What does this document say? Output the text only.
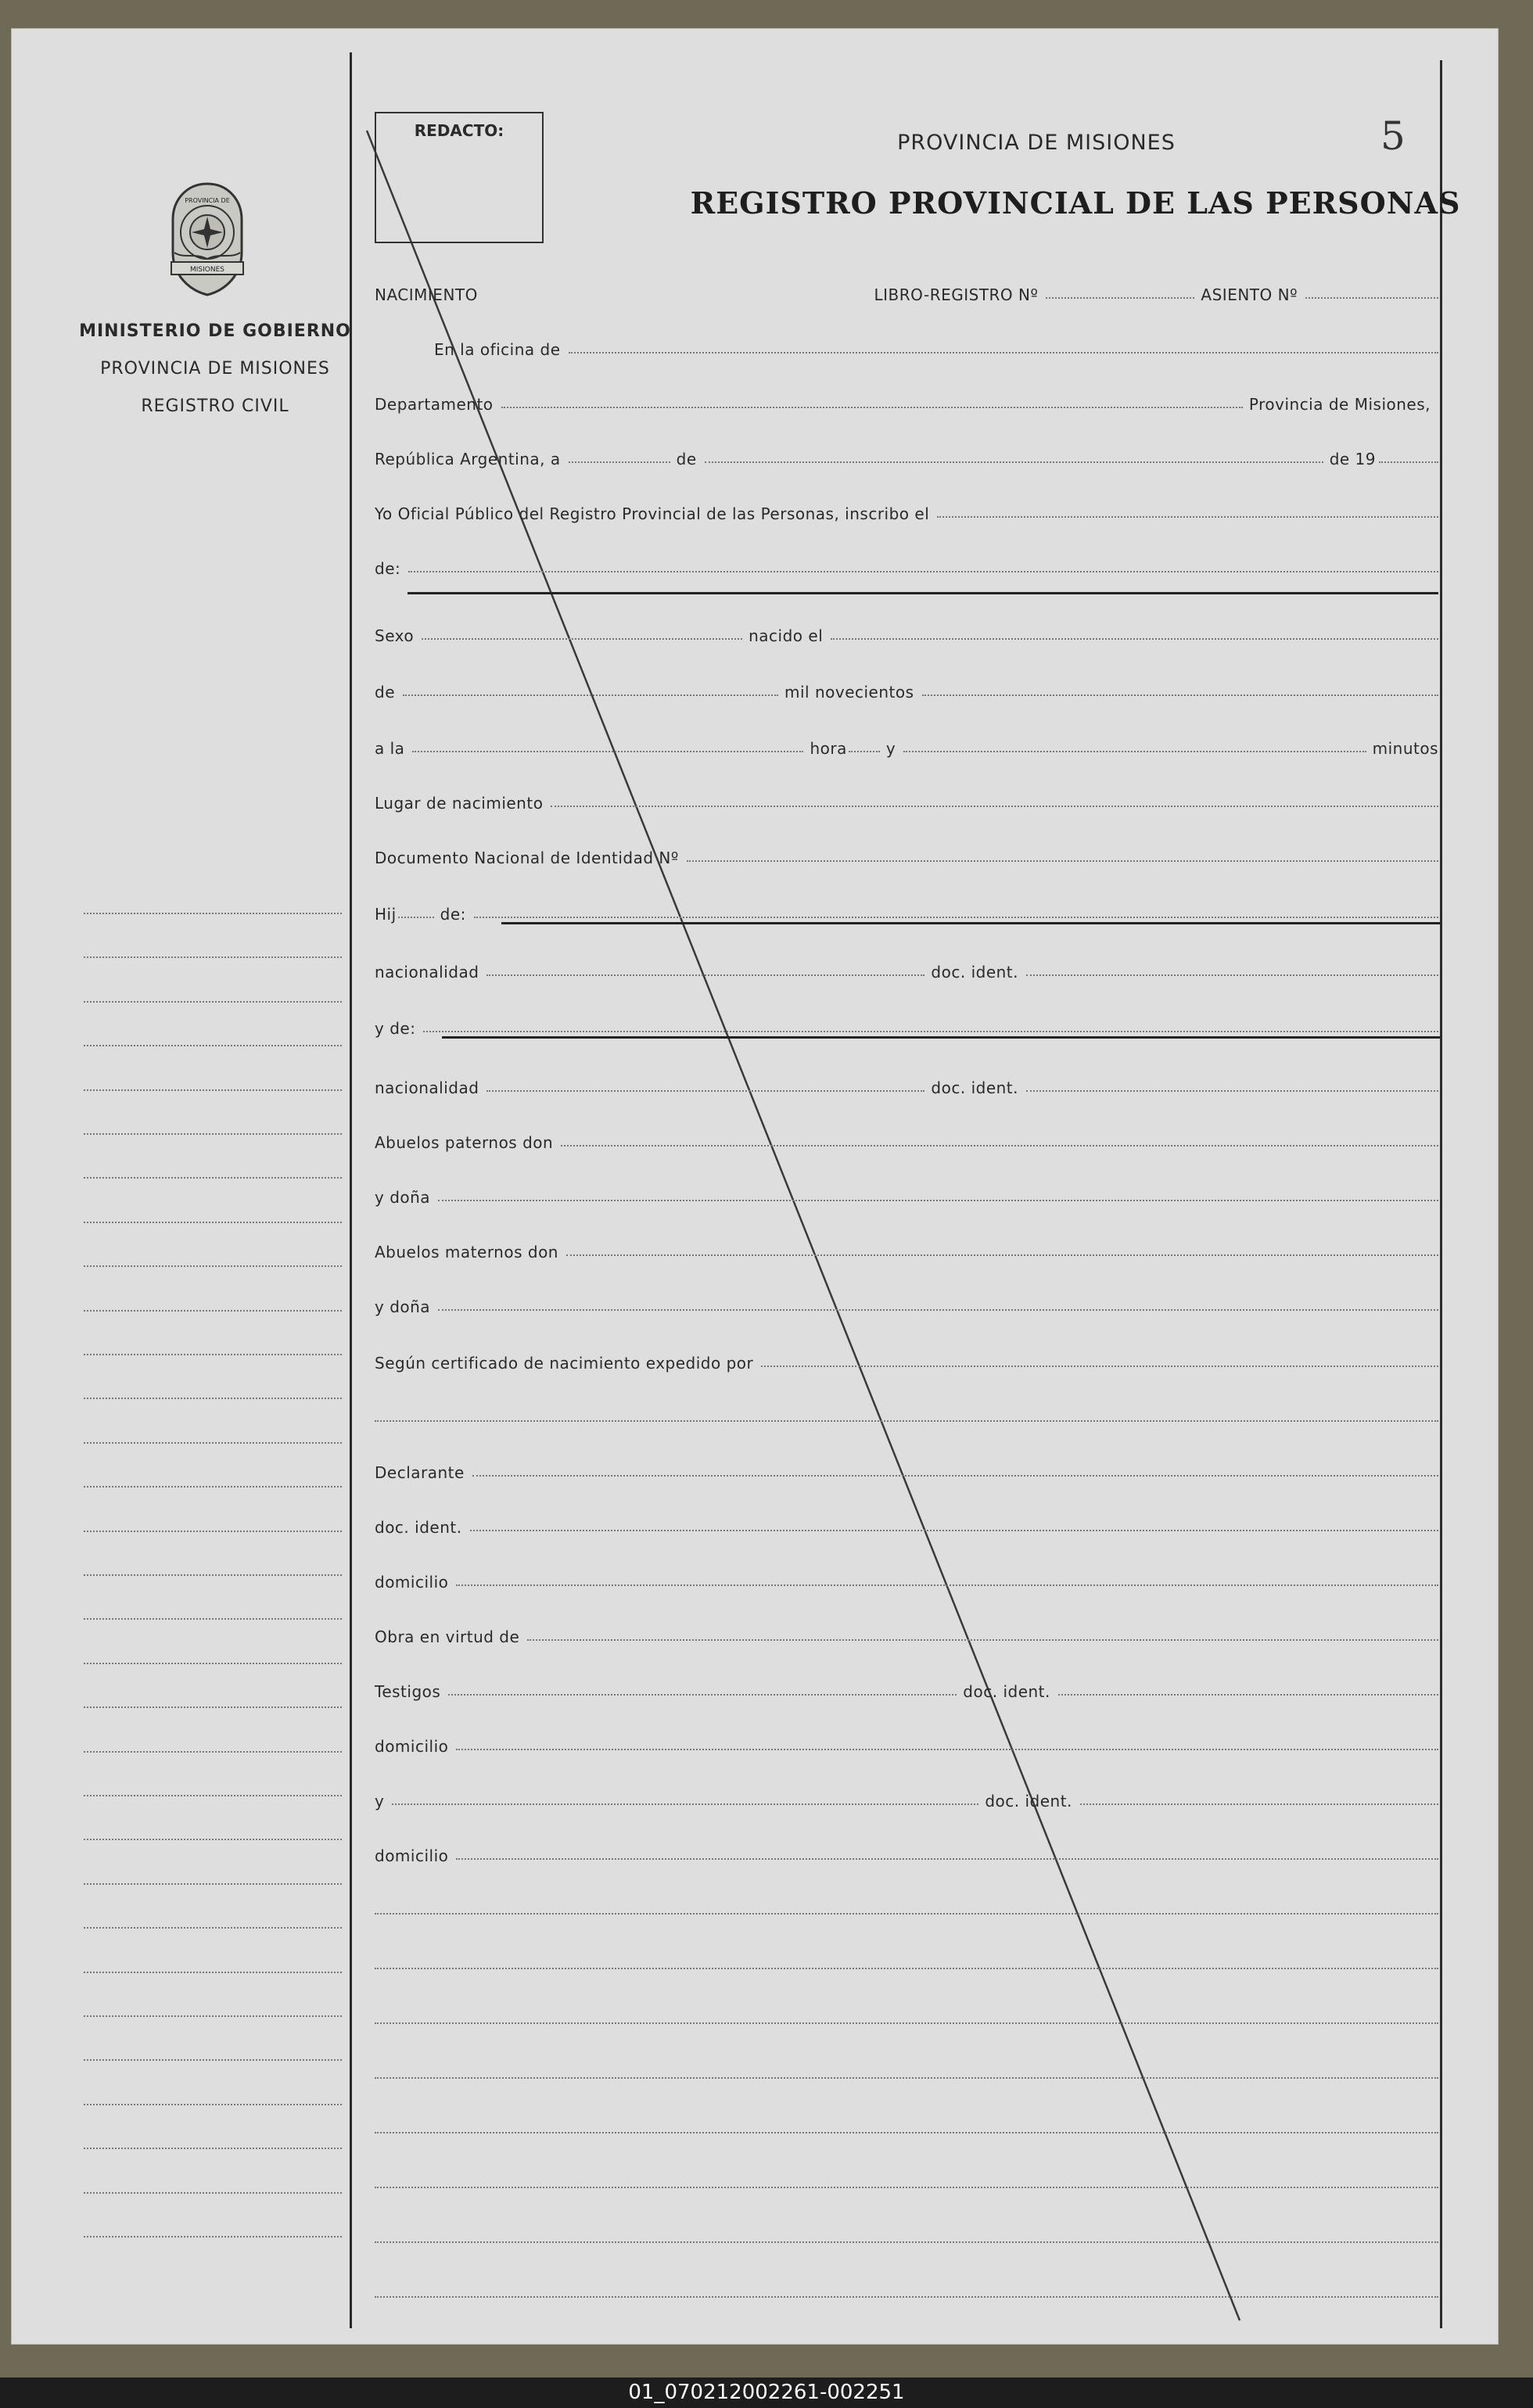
MISIONES
PROVINCIA DE
MINISTERIO DE GOBIERNO
PROVINCIA DE MISIONES
REGISTRO CIVIL
REDACTO:	PROVINCIA DE MISIONES
REGISTRO PROVINCIAL DE LAS PERSONAS
5
NACIMIENTO	LIBRO-REGISTRO Nº	ASIENTO Nº
En la oficina de
Departamento	Provincia de Misiones,
República Argentina, a	de	de 19
Yo Oficial Público del Registro Provincial de las Personas, inscribo el
de:
Sexo	nacido el
de	mil novecientos
a la	hora	y	minutos
Lugar de nacimiento
Documento Nacional de Identidad Nº
Hij	de:
nacionalidad	doc. ident.
y de:
nacionalidad	doc. ident.
Abuelos paternos don
y doña
Abuelos maternos don
y doña
Según certificado de nacimiento expedido por
Declarante
doc. ident.
domicilio
Obra en virtud de
Testigos	doc. ident.
domicilio
y	doc. ident.
domicilio
01_070212002261-002251
